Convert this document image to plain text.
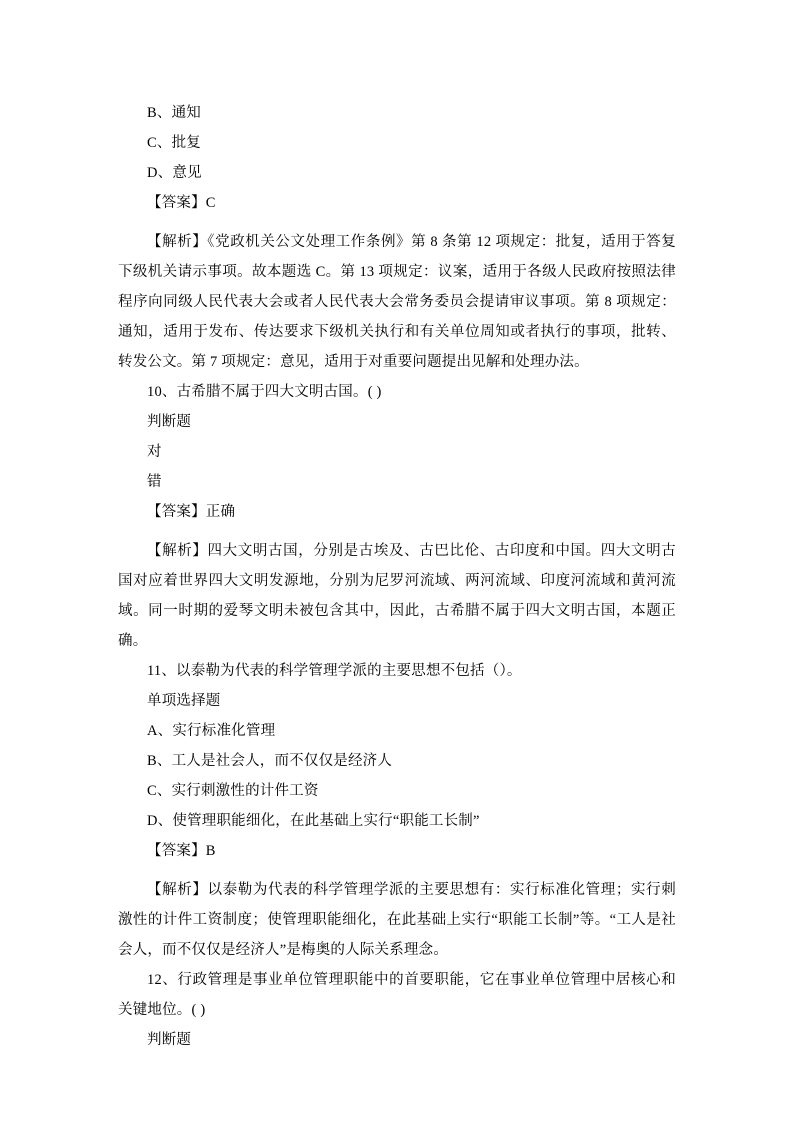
B、通知

C、批复

D、意见

【答案】C

【解析】《党政机关公文处理工作条例》第 8 条第 12 项规定：批复，适用于答复下级机关请示事项。故本题选 C。第 13 项规定：议案，适用于各级人民政府按照法律程序向同级人民代表大会或者人民代表大会常务委员会提请审议事项。第 8 项规定：通知，适用于发布、传达要求下级机关执行和有关单位周知或者执行的事项，批转、转发公文。第 7 项规定：意见，适用于对重要问题提出见解和处理办法。

10、古希腊不属于四大文明古国。( )

判断题

对

错

【答案】正确

【解析】四大文明古国，分别是古埃及、古巴比伦、古印度和中国。四大文明古国对应着世界四大文明发源地，分别为尼罗河流域、两河流域、印度河流域和黄河流域。同一时期的爱琴文明未被包含其中，因此，古希腊不属于四大文明古国，本题正确。

11、以泰勒为代表的科学管理学派的主要思想不包括（）。

单项选择题

A、实行标准化管理

B、工人是社会人，而不仅仅是经济人

C、实行刺激性的计件工资

D、使管理职能细化，在此基础上实行“职能工长制”

【答案】B

【解析】以泰勒为代表的科学管理学派的主要思想有：实行标准化管理；实行刺激性的计件工资制度；使管理职能细化，在此基础上实行“职能工长制”等。“工人是社会人，而不仅仅是经济人”是梅奥的人际关系理念。

12、行政管理是事业单位管理职能中的首要职能，它在事业单位管理中居核心和关键地位。( )

判断题
